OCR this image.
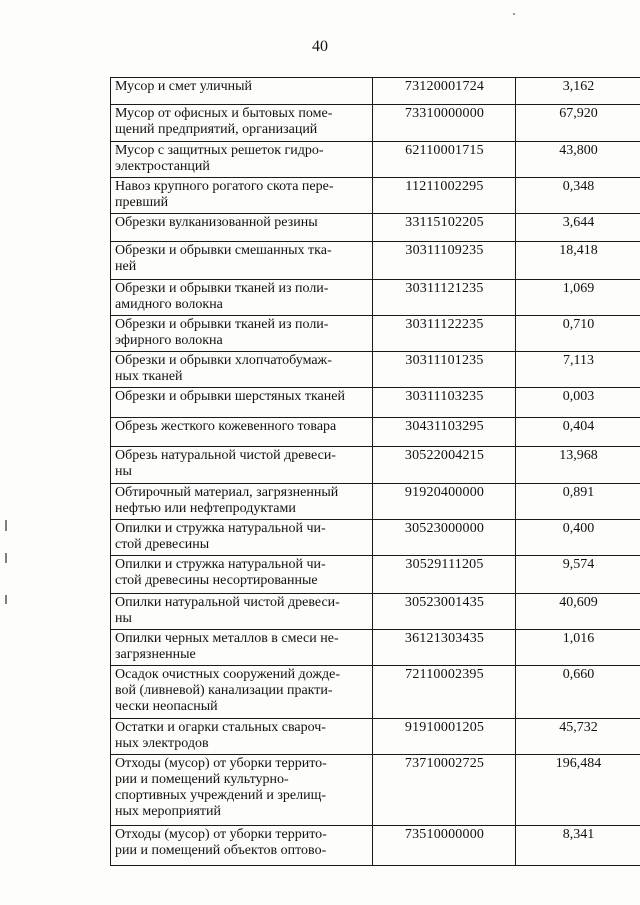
40
Мусор и смет уличный	73120001724	3,162
Мусор от офисных и бытовых поме-
щений предприятий, организаций	73310000000	67,920
Мусор с защитных решеток гидро-
электростанций	62110001715	43,800
Навоз крупного рогатого скота пере-
превший	11211002295	0,348
Обрезки вулканизованной резины	33115102205	3,644
Обрезки и обрывки смешанных тка-
ней	30311109235	18,418
Обрезки и обрывки тканей из поли-
амидного волокна	30311121235	1,069
Обрезки и обрывки тканей из поли-
эфирного волокна	30311122235	0,710
Обрезки и обрывки хлопчатобумаж-
ных тканей	30311101235	7,113
Обрезки и обрывки шерстяных тканей	30311103235	0,003
Обрезь жесткого кожевенного товара	30431103295	0,404
Обрезь натуральной чистой древеси-
ны	30522004215	13,968
Обтирочный материал, загрязненный
нефтью или нефтепродуктами	91920400000	0,891
Опилки и стружка натуральной чи-
стой древесины	30523000000	0,400
Опилки и стружка натуральной чи-
стой древесины несортированные	30529111205	9,574
Опилки натуральной чистой древеси-
ны	30523001435	40,609
Опилки черных металлов в смеси не-
загрязненные	36121303435	1,016
Осадок очистных сооружений дожде-
вой (ливневой) канализации практи-
чески неопасный	72110002395	0,660
Остатки и огарки стальных свароч-
ных электродов	91910001205	45,732
Отходы (мусор) от уборки террито-
рии и помещений культурно-
спортивных учреждений и зрелищ-
ных мероприятий	73710002725	196,484
Отходы (мусор) от уборки террито-
рии и помещений объектов оптово-	73510000000	8,341
